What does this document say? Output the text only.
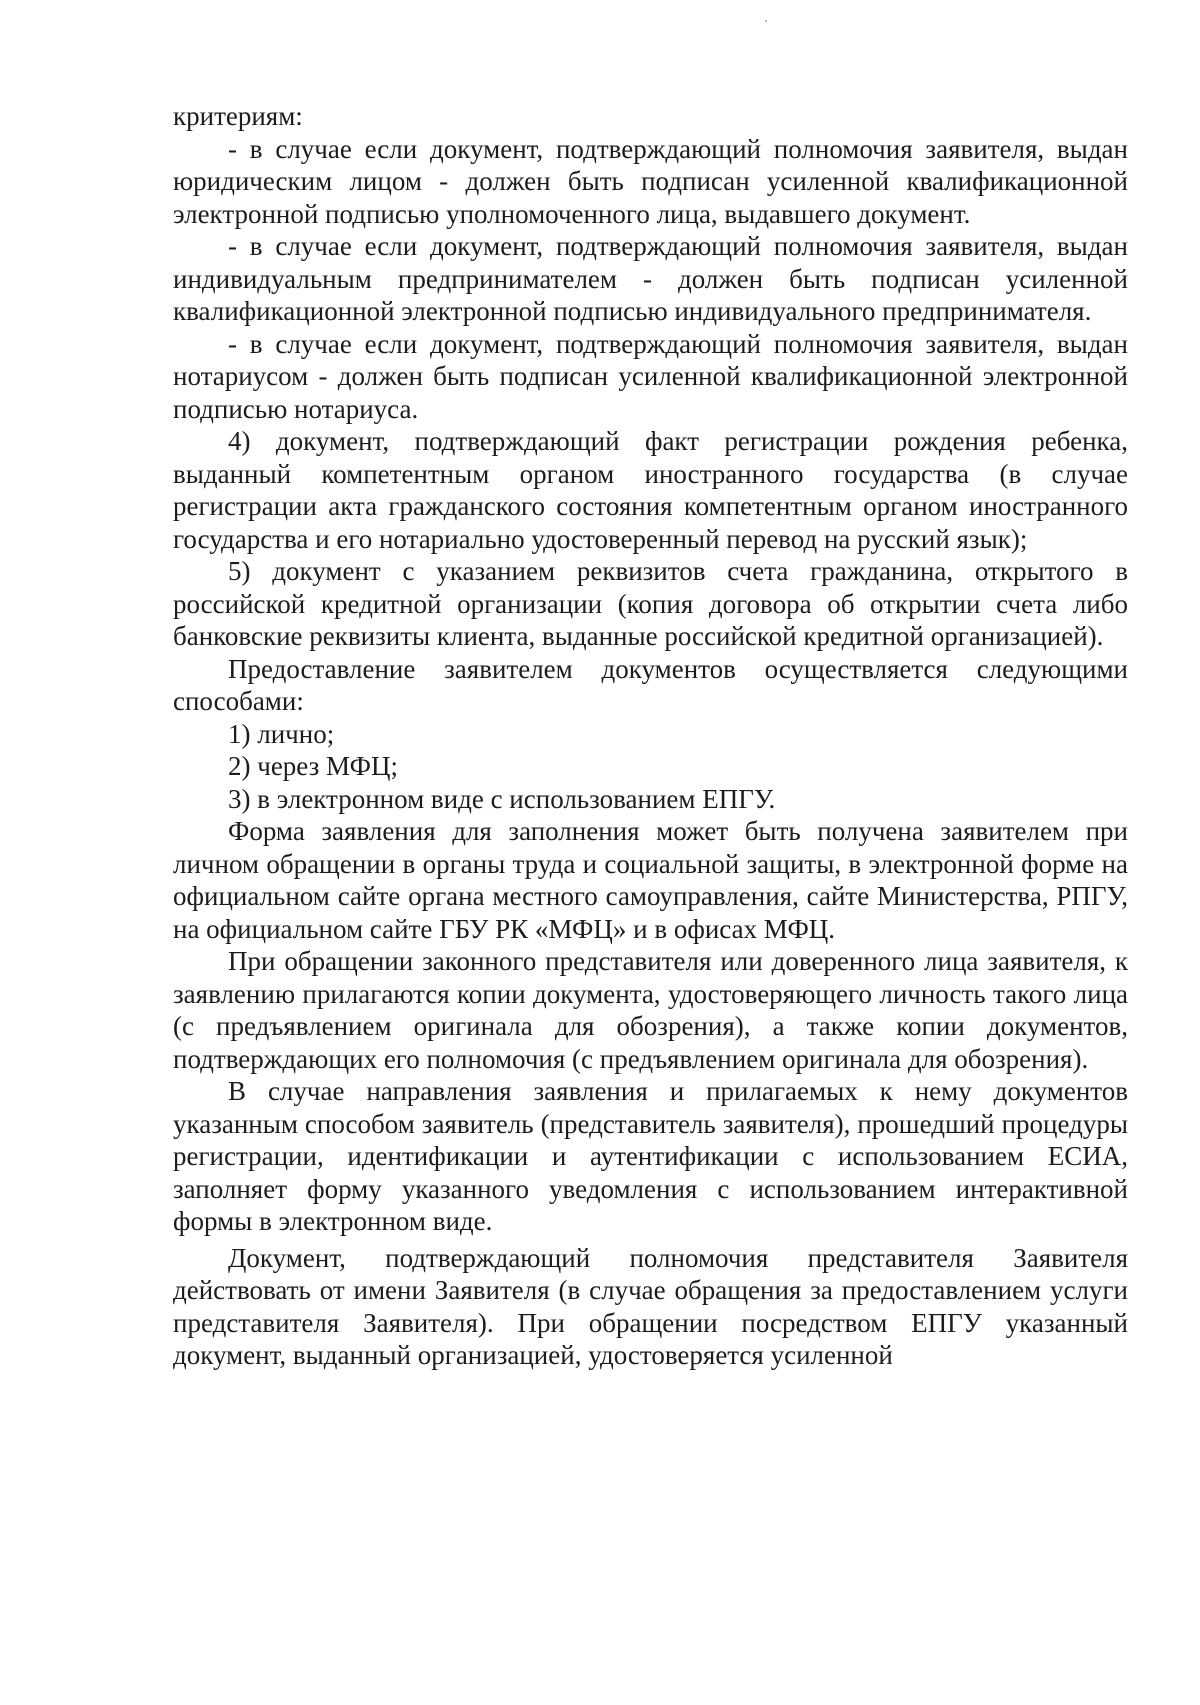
критериям:

- в случае если документ, подтверждающий полномочия заявителя, выдан юридическим лицом - должен быть подписан усиленной квалификационной электронной подписью уполномоченного лица, выдавшего документ.

- в случае если документ, подтверждающий полномочия заявителя, выдан индивидуальным предпринимателем - должен быть подписан усиленной квалификационной электронной подписью индивидуального предпринимателя.

- в случае если документ, подтверждающий полномочия заявителя, выдан нотариусом - должен быть подписан усиленной квалификационной электронной подписью нотариуса.

4) документ, подтверждающий факт регистрации рождения ребенка, выданный компетентным органом иностранного государства (в случае регистрации акта гражданского состояния компетентным органом иностранного государства и его нотариально удостоверенный перевод на русский язык);

5) документ с указанием реквизитов счета гражданина, открытого в российской кредитной организации (копия договора об открытии счета либо банковские реквизиты клиента, выданные российской кредитной организацией).

Предоставление заявителем документов осуществляется следующими способами:

1) лично;

2) через МФЦ;

3) в электронном виде с использованием ЕПГУ.

Форма заявления для заполнения может быть получена заявителем при личном обращении в органы труда и социальной защиты, в электронной форме на официальном сайте органа местного самоуправления, сайте Министерства, РПГУ, на официальном сайте ГБУ РК «МФЦ» и в офисах МФЦ.

При обращении законного представителя или доверенного лица заявителя, к заявлению прилагаются копии документа, удостоверяющего личность такого лица (с предъявлением оригинала для обозрения), а также копии документов, подтверждающих его полномочия (с предъявлением оригинала для обозрения).

В случае направления заявления и прилагаемых к нему документов указанным способом заявитель (представитель заявителя), прошедший процедуры регистрации, идентификации и аутентификации с использованием ЕСИА, заполняет форму указанного уведомления с использованием интерактивной формы в электронном виде.

Документ, подтверждающий полномочия представителя Заявителя действовать от имени Заявителя (в случае обращения за предоставлением услуги представителя Заявителя). При обращении посредством ЕПГУ указанный документ, выданный организацией, удостоверяется усиленной
